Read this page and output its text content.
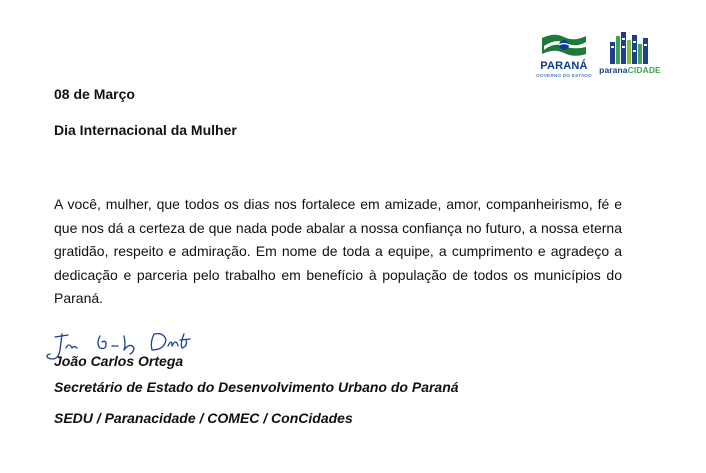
PARANÁ
GOVERNO DO ESTADO
paranaCIDADE
08 de Março
Dia Internacional da Mulher
A você, mulher, que todos os dias nos fortalece em amizade, amor, companheirismo, fé e que nos dá a certeza de que nada pode abalar a nossa confiança no futuro, a nossa eterna gratidão, respeito e admiração. Em nome de toda a equipe, a cumprimento e agradeço a dedicação e parceria pelo trabalho em benefício à população de todos os municípios do Paraná.
João Carlos Ortega
Secretário de Estado do Desenvolvimento Urbano do Paraná
SEDU / Paranacidade / COMEC / ConCidades
